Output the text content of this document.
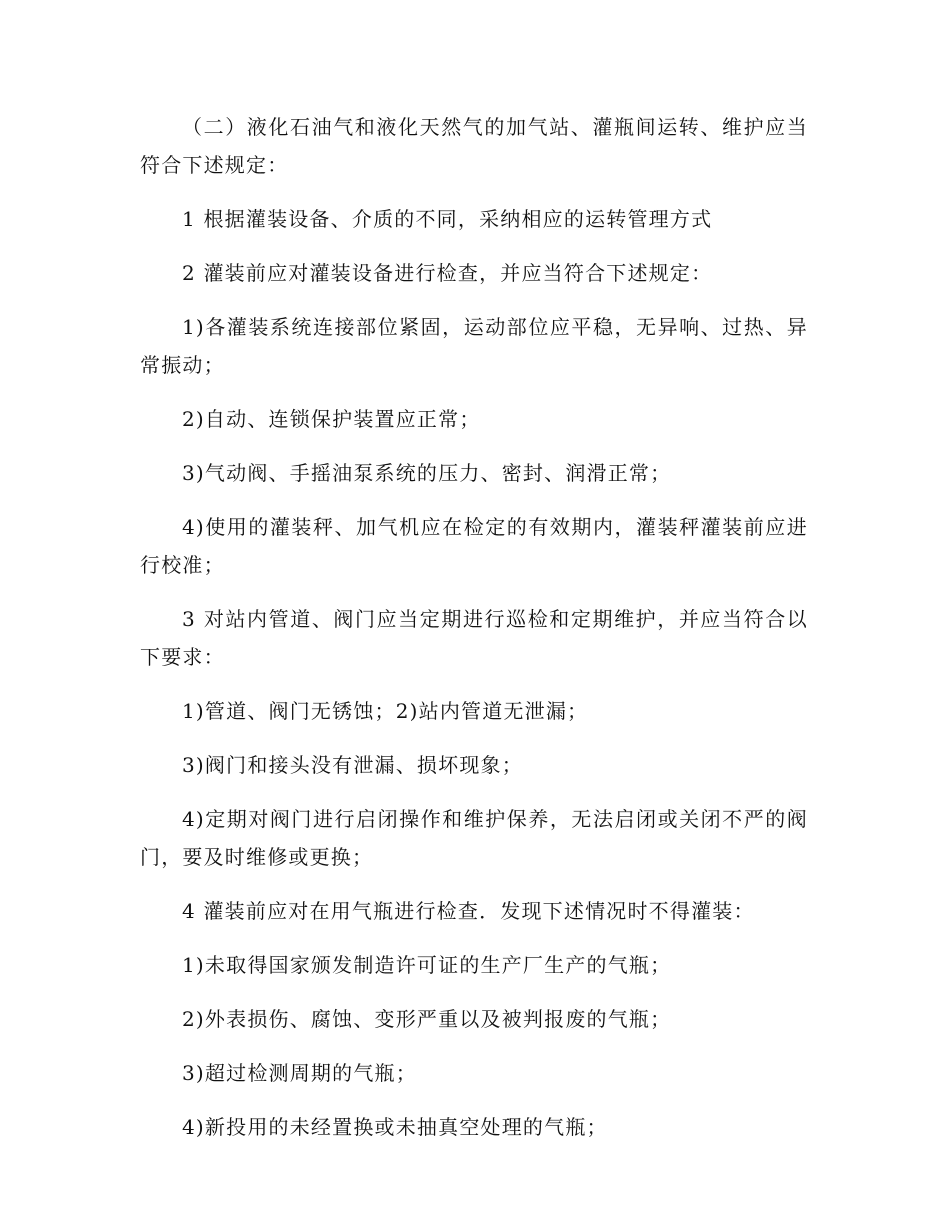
（二）液化石油气和液化天然气的加气站、灌瓶间运转、维护应当符合下述规定：

1 根据灌装设备、介质的不同，采纳相应的运转管理方式

2 灌装前应对灌装设备进行检查，并应当符合下述规定：

1)各灌装系统连接部位紧固，运动部位应平稳，无异响、过热、异常振动；

2)自动、连锁保护装置应正常；

3)气动阀、手摇油泵系统的压力、密封、润滑正常；

4)使用的灌装秤、加气机应在检定的有效期内，灌装秤灌装前应进行校准；

3 对站内管道、阀门应当定期进行巡检和定期维护，并应当符合以下要求：

1)管道、阀门无锈蚀；2)站内管道无泄漏；

3)阀门和接头没有泄漏、损坏现象；

4)定期对阀门进行启闭操作和维护保养，无法启闭或关闭不严的阀门，要及时维修或更换；

4 灌装前应对在用气瓶进行检查．发现下述情况时不得灌装：

1)未取得国家颁发制造许可证的生产厂生产的气瓶；

2)外表损伤、腐蚀、变形严重以及被判报废的气瓶；

3)超过检测周期的气瓶；

4)新投用的未经置换或未抽真空处理的气瓶；
